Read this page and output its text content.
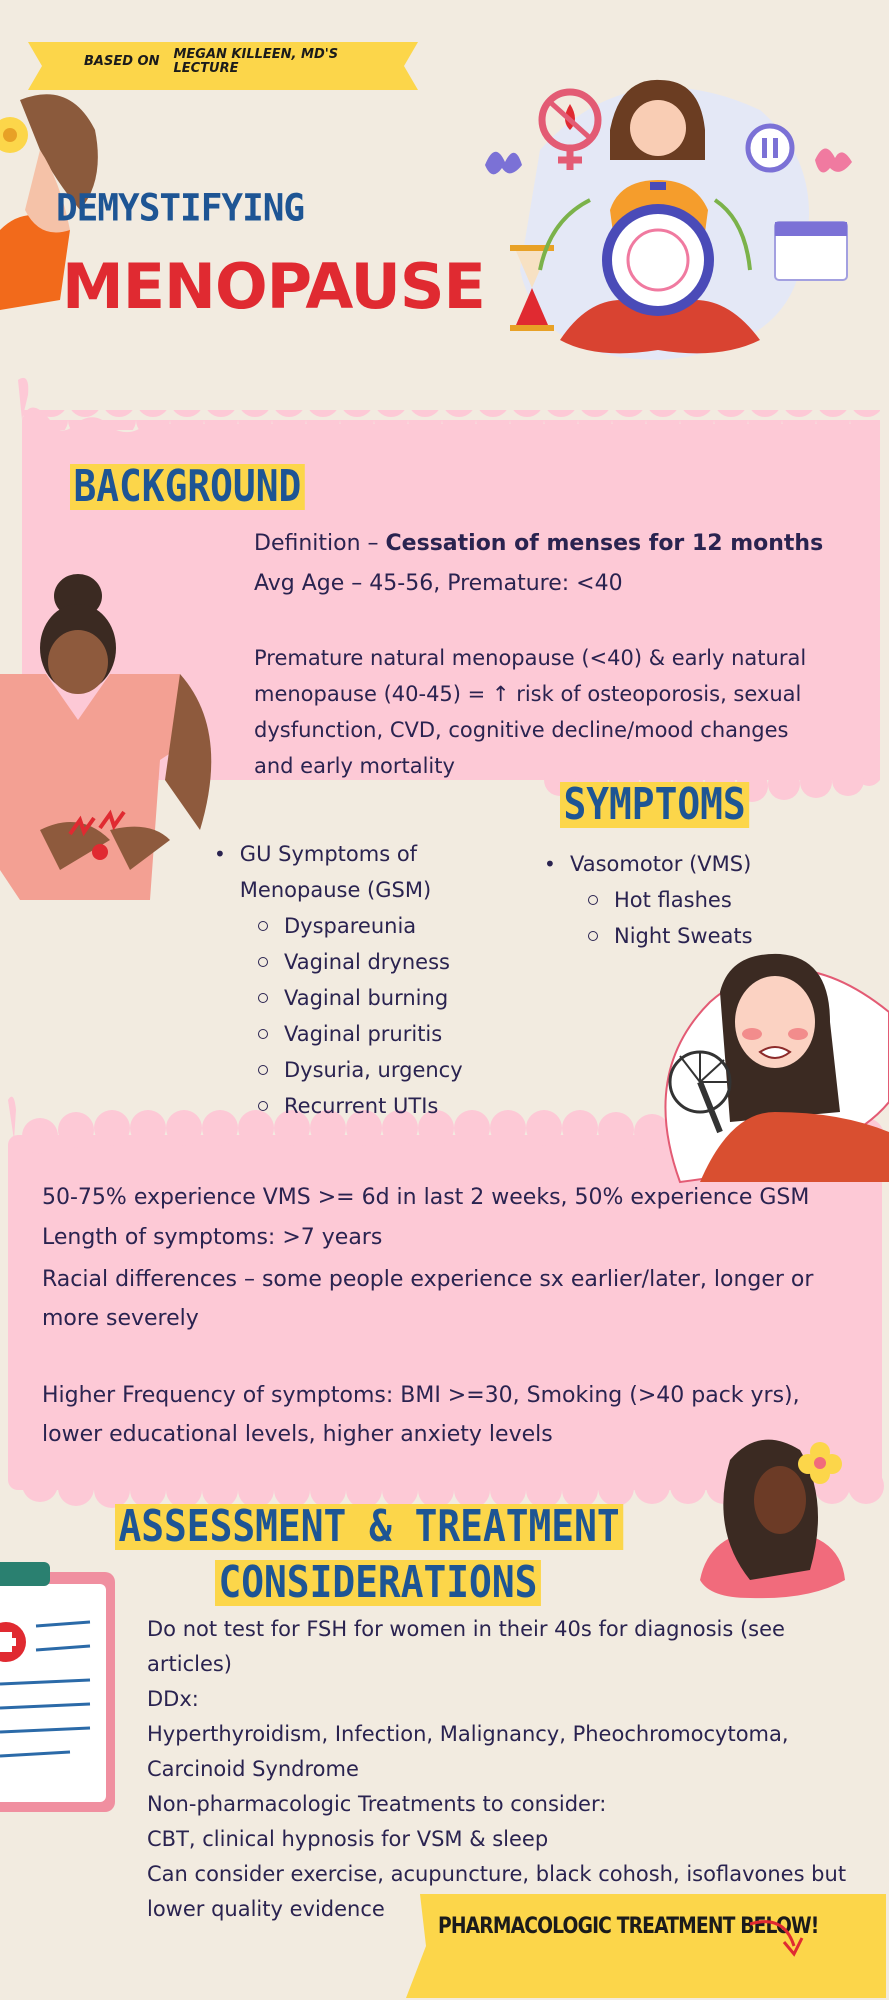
BASED ON MEGAN KILLEEN, MD'S LECTURE
DEMYSTIFYING
MENOPAUSE
BACKGROUND
Definition – Cessation of menses for 12 months
Avg Age – 45-56, Premature: <40
Premature natural menopause (<40) & early natural menopause (40-45) = ↑ risk of osteoporosis, sexual dysfunction, CVD, cognitive decline/mood changes and early mortality
SYMPTOMS
• GU Symptoms of Menopause (GSM)
Dyspareunia
Vaginal dryness
Vaginal burning
Vaginal pruritis
Dysuria, urgency
Recurrent UTIs
• Vasomotor (VMS)
Hot flashes
Night Sweats
50-75% experience VMS >= 6d in last 2 weeks, 50% experience GSM
Length of symptoms: >7 years
Racial differences – some people experience sx earlier/later, longer or more severely
Higher Frequency of symptoms: BMI >=30, Smoking (>40 pack yrs), lower educational levels, higher anxiety levels
ASSESSMENT & TREATMENT
CONSIDERATIONS
Do not test for FSH for women in their 40s for diagnosis (see articles)
DDx:
Hyperthyroidism, Infection, Malignancy, Pheochromocytoma, Carcinoid Syndrome
Non-pharmacologic Treatments to consider:
CBT, clinical hypnosis for VSM & sleep
Can consider exercise, acupuncture, black cohosh, isoflavones but lower quality evidence
PHARMACOLOGIC TREATMENT BELOW!
